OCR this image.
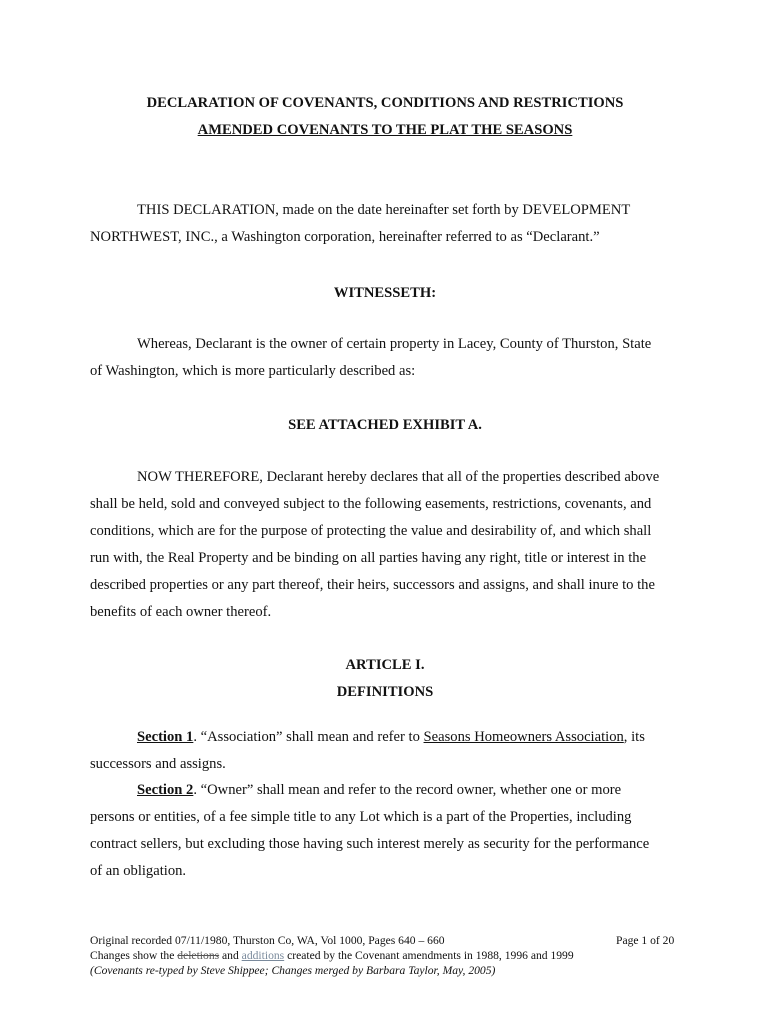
DECLARATION OF COVENANTS, CONDITIONS AND RESTRICTIONS
AMENDED COVENANTS TO THE PLAT THE SEASONS
THIS DECLARATION, made on the date hereinafter set forth by DEVELOPMENT
NORTHWEST, INC., a Washington corporation, hereinafter referred to as “Declarant.”
WITNESSETH:
Whereas, Declarant is the owner of certain property in Lacey, County of Thurston, State
of Washington, which is more particularly described as:
SEE ATTACHED EXHIBIT A.
NOW THEREFORE, Declarant hereby declares that all of the properties described above
shall be held, sold and conveyed subject to the following easements, restrictions, covenants, and
conditions, which are for the purpose of protecting the value and desirability of, and which shall
run with, the Real Property and be binding on all parties having any right, title or interest in the
described properties or any part thereof, their heirs, successors and assigns, and shall inure to the
benefits of each owner thereof.
ARTICLE I.
DEFINITIONS
Section 1. “Association” shall mean and refer to Seasons Homeowners Association, its
successors and assigns.
Section 2. “Owner” shall mean and refer to the record owner, whether one or more
persons or entities, of a fee simple title to any Lot which is a part of the Properties, including
contract sellers, but excluding those having such interest merely as security for the performance
of an obligation.
Original recorded 07/11/1980, Thurston Co, WA, Vol 1000, Pages 640 – 660	Page 1 of 20
Changes show the deletions and additions created by the Covenant amendments in 1988, 1996 and 1999
(Covenants re-typed by Steve Shippee; Changes merged by Barbara Taylor, May, 2005)
